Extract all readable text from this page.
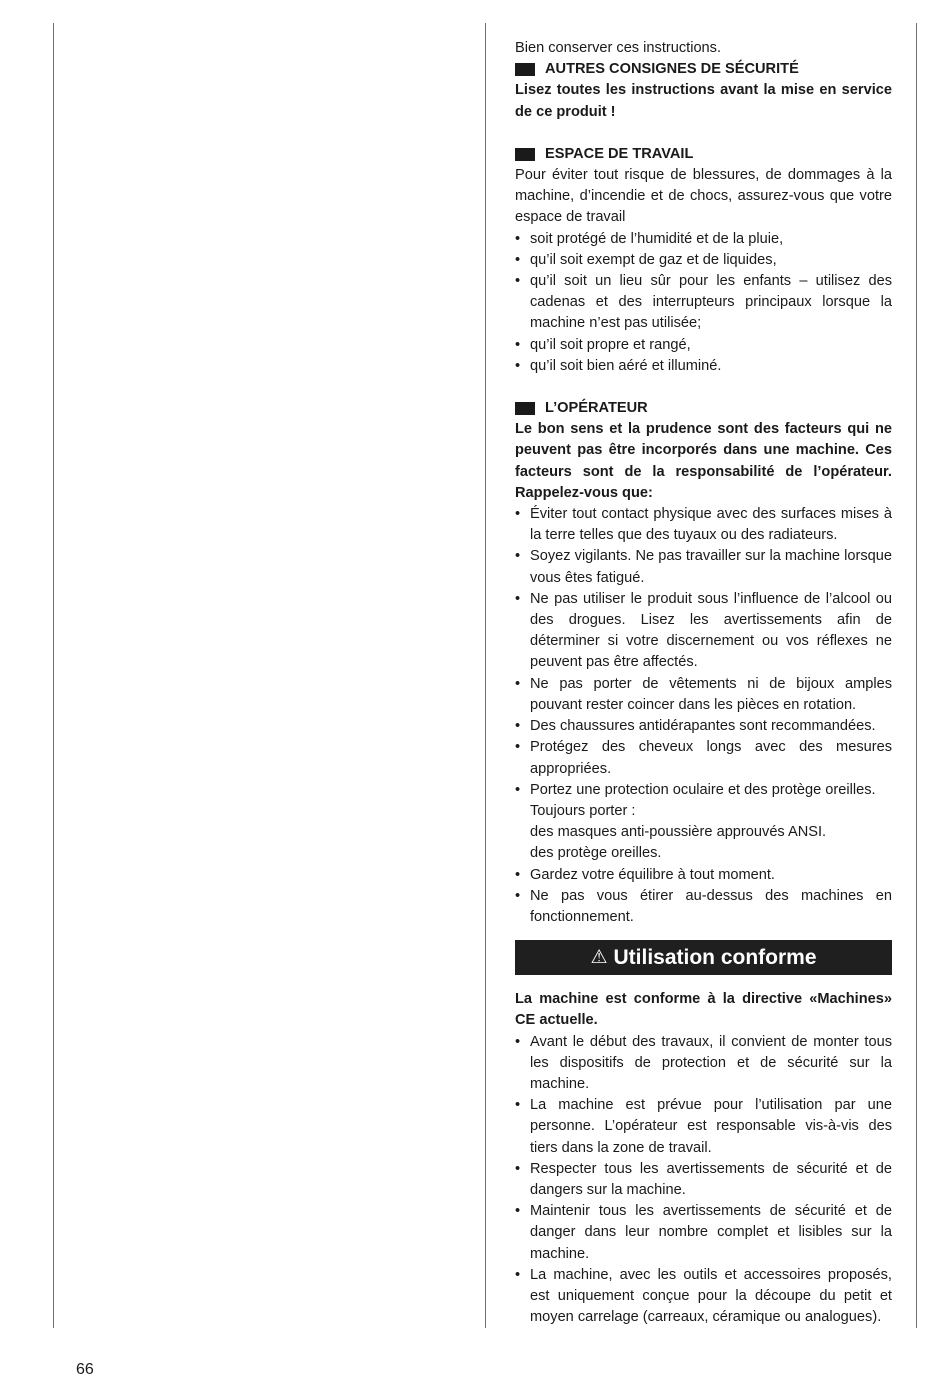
Bien conserver ces instructions.

AUTRES CONSIGNES DE SÉCURITÉ

Lisez toutes les instructions avant la mise en service de ce produit !

ESPACE DE TRAVAIL

Pour éviter tout risque de blessures, de dommages à la machine, d’incendie et de chocs, assurez-vous que votre espace de travail

• soit protégé de l’humidité et de la pluie,
• qu’il soit exempt de gaz et de liquides,
• qu’il soit un lieu sûr pour les enfants – utilisez des cadenas et des interrupteurs principaux lorsque la machine n’est pas utilisée;
• qu’il soit propre et rangé,
• qu’il soit bien aéré et illuminé.
L’OPÉRATEUR

Le bon sens et la prudence sont des facteurs qui ne peuvent pas être incorporés dans une machine. Ces facteurs sont de la responsabilité de l’opérateur. Rappelez-vous que:

• Éviter tout contact physique avec des surfaces mises à la terre telles que des tuyaux ou des radiateurs.
• Soyez vigilants. Ne pas travailler sur la machine lorsque vous êtes fatigué.
• Ne pas utiliser le produit sous l’influence de l’alcool ou des drogues. Lisez les avertissements afin de déterminer si votre discernement ou vos réflexes ne peuvent pas être affectés.
• Ne pas porter de vêtements ni de bijoux amples pouvant rester coincer dans les pièces en rotation.
• Des chaussures antidérapantes sont recommandées.
• Protégez des cheveux longs avec des mesures appropriées.
• Portez une protection oculaire et des protège oreilles.

Toujours porter :

des masques anti-poussière approuvés ANSI.

des protège oreilles.

• Gardez votre équilibre à tout moment.
• Ne pas vous étirer au-dessus des machines en fonctionnement.
⚠ Utilisation conforme

La machine est conforme à la directive «Machines» CE actuelle.

• Avant le début des travaux, il convient de monter tous les dispositifs de protection et de sécurité sur la machine.
• La machine est prévue pour l’utilisation par une personne. L’opérateur est responsable vis-à-vis des tiers dans la zone de travail.
• Respecter tous les avertissements de sécurité et de dangers sur la machine.
• Maintenir tous les avertissements de sécurité et de danger dans leur nombre complet et lisibles sur la machine.
• La machine, avec les outils et accessoires proposés, est uniquement conçue pour la découpe du petit et moyen carrelage (carreaux, céramique ou analogues).
66
